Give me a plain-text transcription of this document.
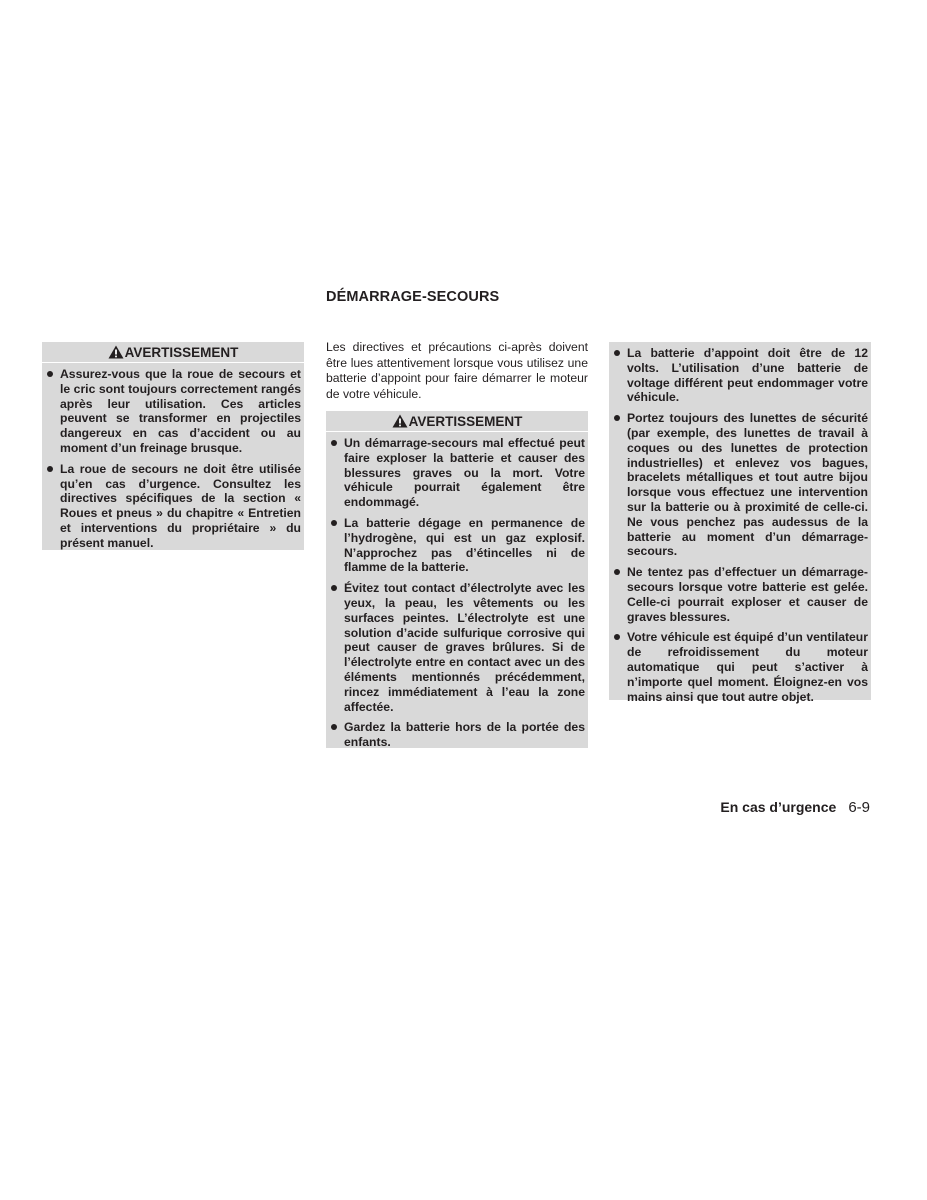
DÉMARRAGE-SECOURS
AVERTISSEMENT
Assurez-vous que la roue de secours et le cric sont toujours correctement rangés après leur utilisation. Ces articles peuvent se transformer en projectiles dangereux en cas d’accident ou au moment d’un freinage brusque.
La roue de secours ne doit être utilisée qu’en cas d’urgence. Consultez les directives spécifiques de la section « Roues et pneus » du chapitre « Entretien et interventions du propriétaire » du présent manuel.

Les directives et précautions ci-après doivent être lues attentivement lorsque vous utilisez une batterie d’appoint pour faire démarrer le moteur de votre véhicule.

AVERTISSEMENT
Un démarrage-secours mal effectué peut faire exploser la batterie et causer des blessures graves ou la mort. Votre véhicule pourrait également être endommagé.
La batterie dégage en permanence de l’hydrogène, qui est un gaz explosif. N’approchez pas d’étincelles ni de flamme de la batterie.
Évitez tout contact d’électrolyte avec les yeux, la peau, les vêtements ou les surfaces peintes. L’électrolyte est une solution d’acide sulfurique corrosive qui peut causer de graves brûlures. Si de l’électrolyte entre en contact avec un des éléments mentionnés précédemment, rincez immédiatement à l’eau la zone affectée.
Gardez la batterie hors de la portée des enfants.
La batterie d’appoint doit être de 12 volts. L’utilisation d’une batterie de voltage différent peut endommager votre véhicule.
Portez toujours des lunettes de sécurité (par exemple, des lunettes de travail à coques ou des lunettes de protection industrielles) et enlevez vos bagues, bracelets métalliques et tout autre bijou lorsque vous effectuez une intervention sur la batterie ou à proximité de celle-ci. Ne vous penchez pas audessus de la batterie au moment d’un démarrage-secours.
Ne tentez pas d’effectuer un démarrage-secours lorsque votre batterie est gelée. Celle-ci pourrait exploser et causer de graves blessures.
Votre véhicule est équipé d’un ventilateur de refroidissement du moteur automatique qui peut s’activer à n’importe quel moment. Éloignez-en vos mains ainsi que tout autre objet.
En cas d’urgence 6-9
